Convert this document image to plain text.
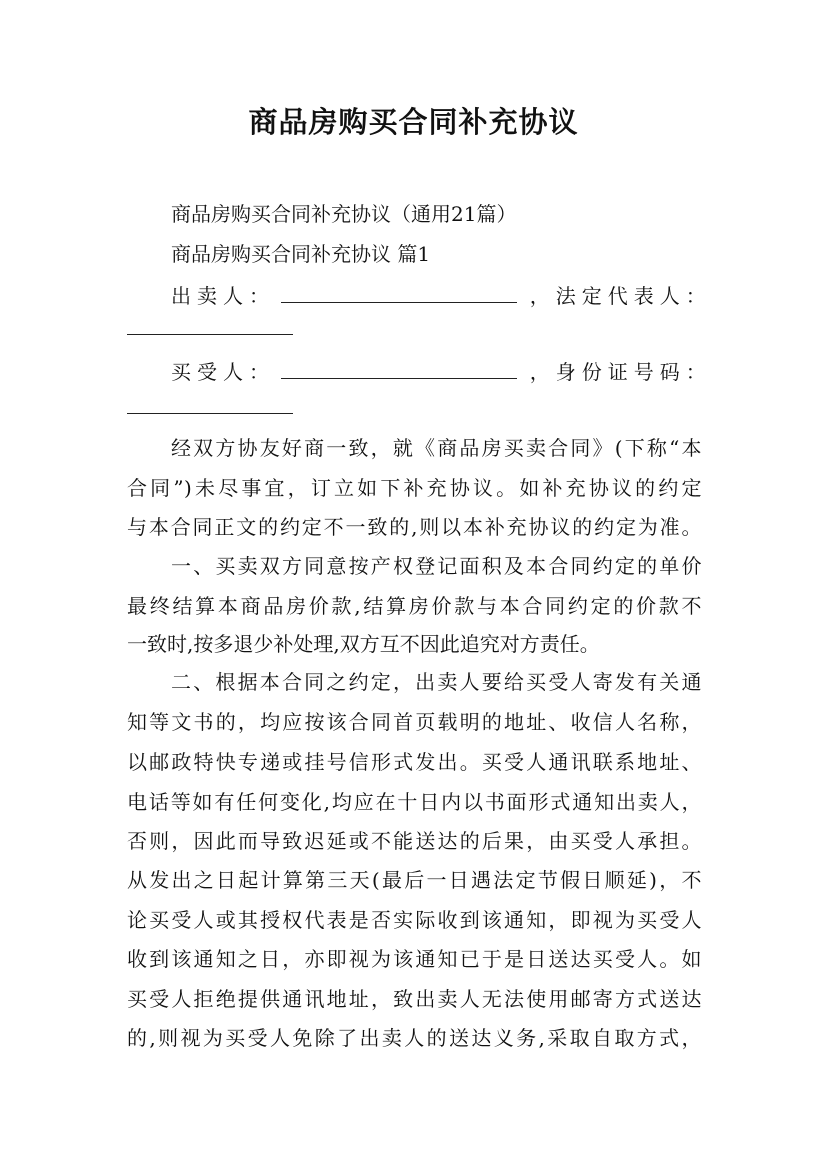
商品房购买合同补充协议
商品房购买合同补充协议（通用21篇）
商品房购买合同补充协议 篇1
出卖人：	，法定代表人：
买受人：	，身份证号码：
经双方协友好商一致，就《商品房买卖合同》(下称“本
合同”)未尽事宜，订立如下补充协议。如补充协议的约定
与本合同正文的约定不一致的,则以本补充协议的约定为准。
一、买卖双方同意按产权登记面积及本合同约定的单价
最终结算本商品房价款,结算房价款与本合同约定的价款不
一致时,按多退少补处理,双方互不因此追究对方责任。
二、根据本合同之约定，出卖人要给买受人寄发有关通
知等文书的，均应按该合同首页载明的地址、收信人名称，
以邮政特快专递或挂号信形式发出。买受人通讯联系地址、
电话等如有任何变化,均应在十日内以书面形式通知出卖人，
否则，因此而导致迟延或不能送达的后果，由买受人承担。
从发出之日起计算第三天(最后一日遇法定节假日顺延)，不
论买受人或其授权代表是否实际收到该通知，即视为买受人
收到该通知之日，亦即视为该通知已于是日送达买受人。如
买受人拒绝提供通讯地址，致出卖人无法使用邮寄方式送达
的,则视为买受人免除了出卖人的送达义务,采取自取方式，
